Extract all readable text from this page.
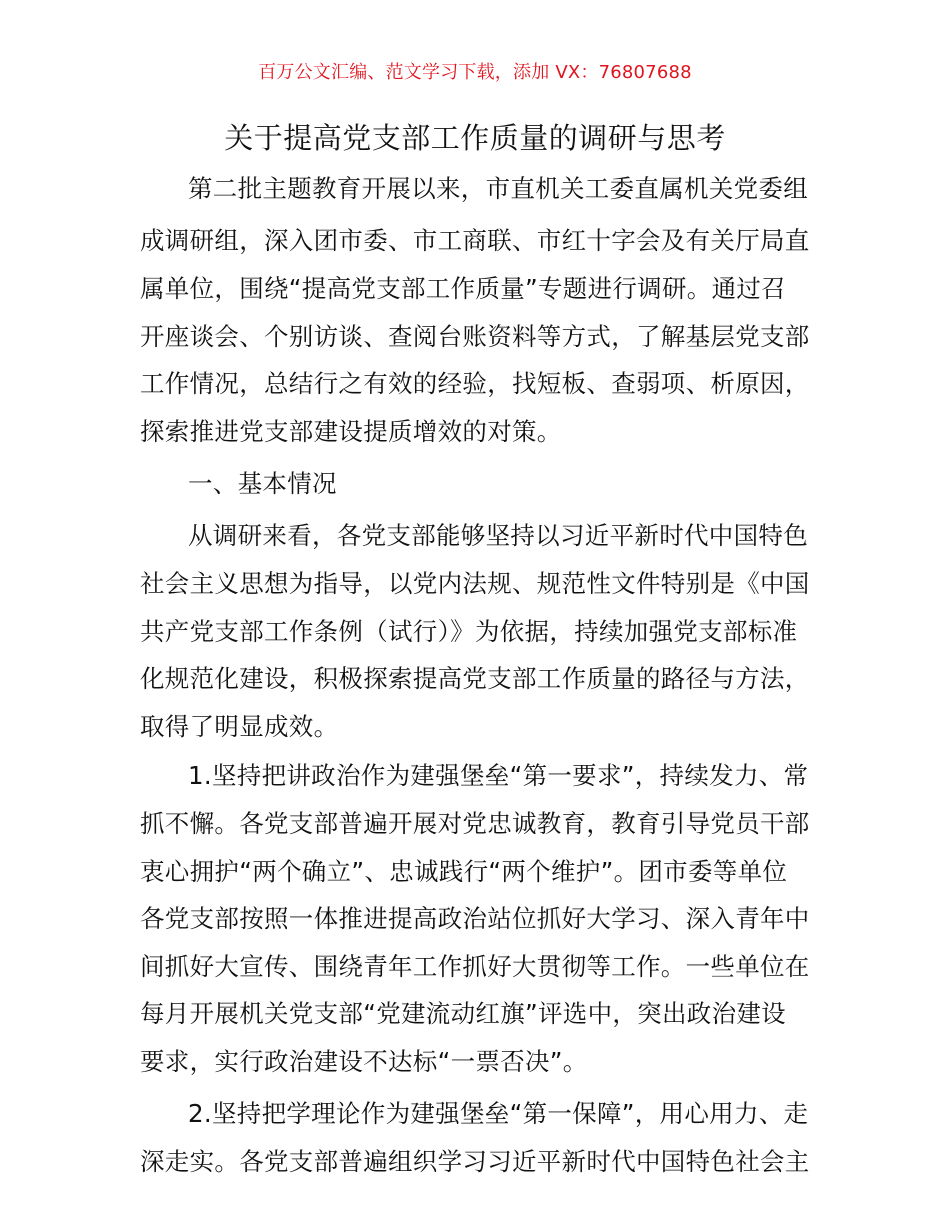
百万公文汇编、范文学习下载，添加 VX：76807688
关于提高党支部工作质量的调研与思考
第二批主题教育开展以来，市直机关工委直属机关党委组
成调研组，深入团市委、市工商联、市红十字会及有关厅局直
属单位，围绕“提高党支部工作质量”专题进行调研。通过召
开座谈会、个别访谈、查阅台账资料等方式，了解基层党支部
工作情况，总结行之有效的经验，找短板、查弱项、析原因，
探索推进党支部建设提质增效的对策。
一、基本情况
从调研来看，各党支部能够坚持以习近平新时代中国特色
社会主义思想为指导，以党内法规、规范性文件特别是《中国
共产党支部工作条例（试行）》为依据，持续加强党支部标准
化规范化建设，积极探索提高党支部工作质量的路径与方法，
取得了明显成效。
1.坚持把讲政治作为建强堡垒“第一要求”，持续发力、常
抓不懈。各党支部普遍开展对党忠诚教育，教育引导党员干部
衷心拥护“两个确立”、忠诚践行“两个维护”。团市委等单位
各党支部按照一体推进提高政治站位抓好大学习、深入青年中
间抓好大宣传、围绕青年工作抓好大贯彻等工作。一些单位在
每月开展机关党支部“党建流动红旗”评选中，突出政治建设
要求，实行政治建设不达标“一票否决”。
2.坚持把学理论作为建强堡垒“第一保障”，用心用力、走
深走实。各党支部普遍组织学习习近平新时代中国特色社会主
